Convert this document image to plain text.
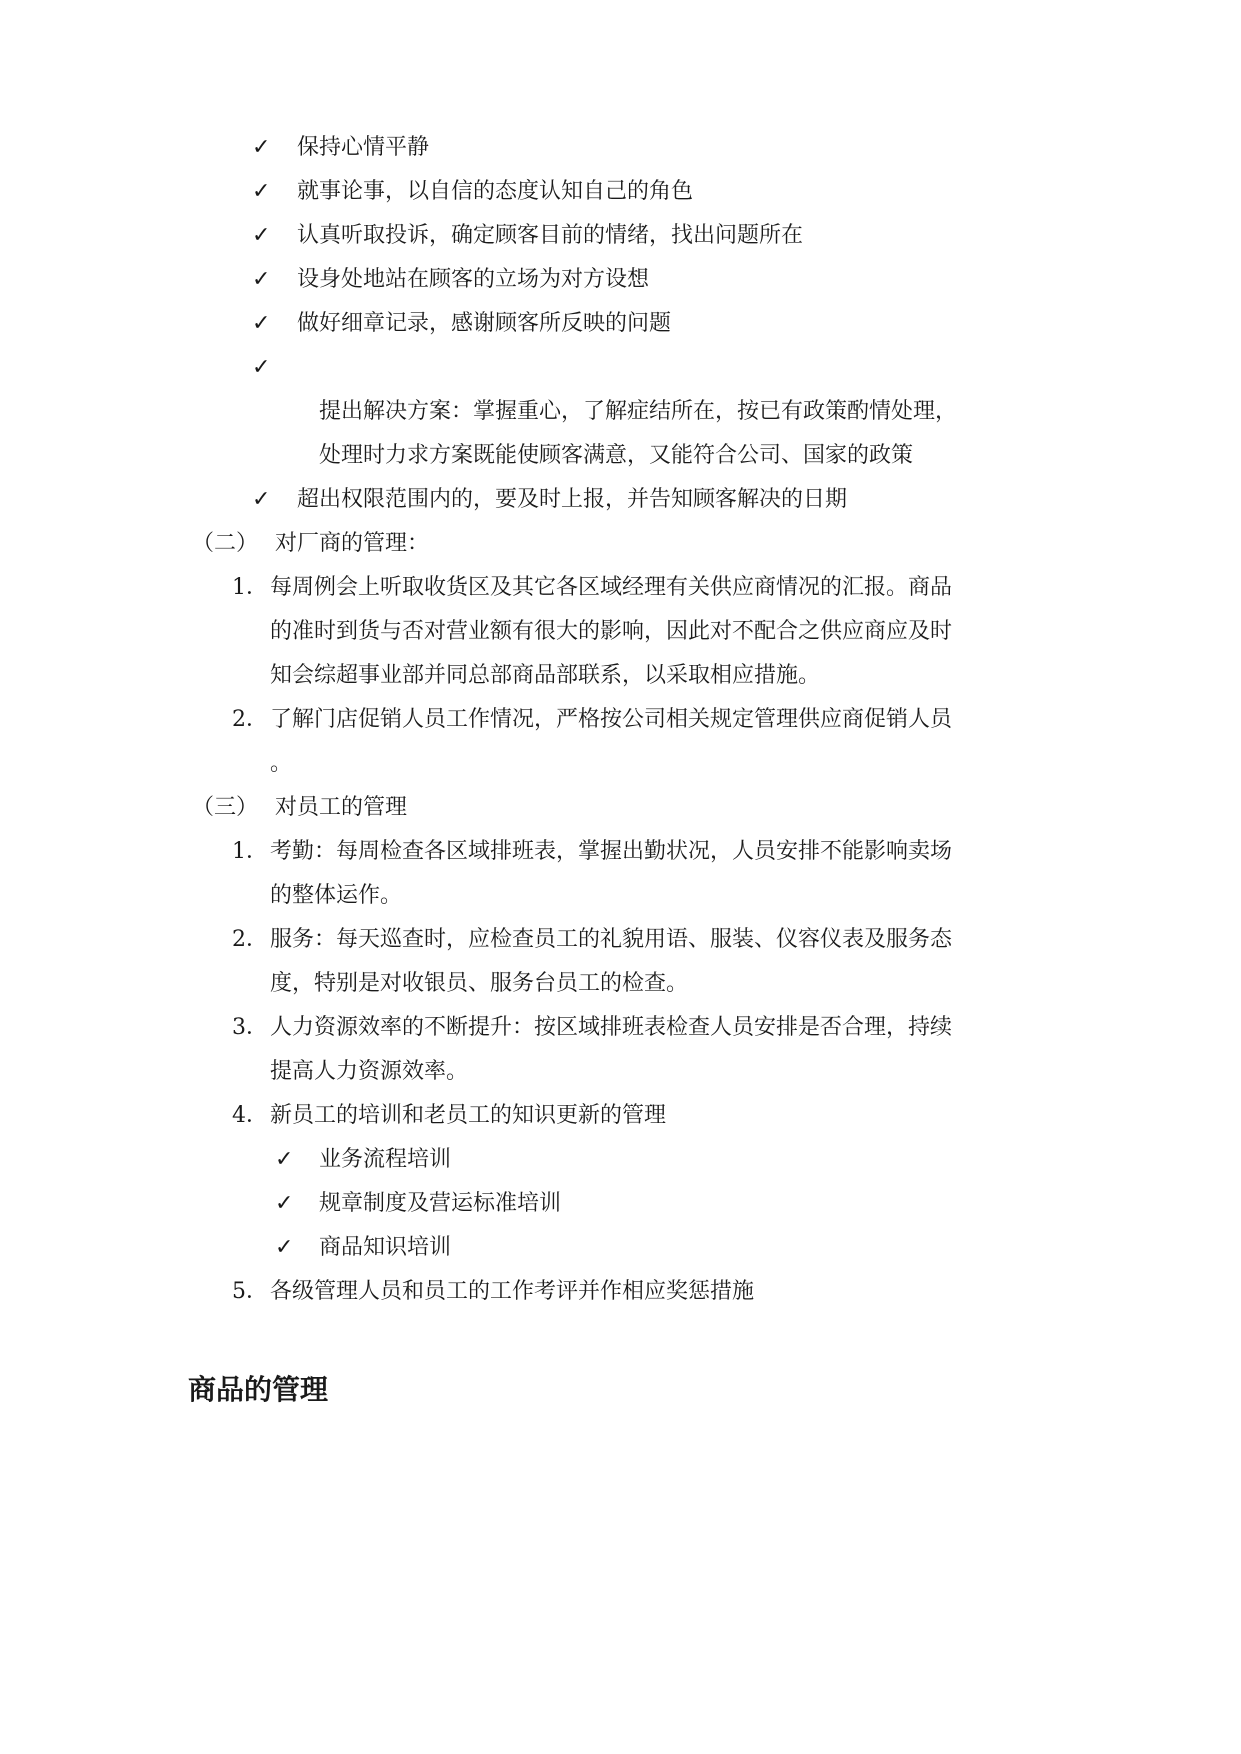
✓ 保持心情平静
✓ 就事论事，以自信的态度认知自己的角色
✓ 认真听取投诉，确定顾客目前的情绪，找出问题所在
✓ 设身处地站在顾客的立场为对方设想
✓ 做好细章记录，感谢顾客所反映的问题
✓
提出解决方案：掌握重心，了解症结所在，按已有政策酌情处理，
处理时力求方案既能使顾客满意，又能符合公司、国家的政策
✓ 超出权限范围内的，要及时上报，并告知顾客解决的日期
（二） 对厂商的管理：
1． 每周例会上听取收货区及其它各区域经理有关供应商情况的汇报。商品
的准时到货与否对营业额有很大的影响，因此对不配合之供应商应及时
知会综超事业部并同总部商品部联系，以采取相应措施。
2． 了解门店促销人员工作情况，严格按公司相关规定管理供应商促销人员
。
（三） 对员工的管理
1． 考勤：每周检查各区域排班表，掌握出勤状况，人员安排不能影响卖场
的整体运作。
2． 服务：每天巡查时，应检查员工的礼貌用语、服装、仪容仪表及服务态
度，特别是对收银员、服务台员工的检查。
3． 人力资源效率的不断提升：按区域排班表检查人员安排是否合理，持续
提高人力资源效率。
4． 新员工的培训和老员工的知识更新的管理
✓ 业务流程培训
✓ 规章制度及营运标准培训
✓ 商品知识培训
5． 各级管理人员和员工的工作考评并作相应奖惩措施
商品的管理
